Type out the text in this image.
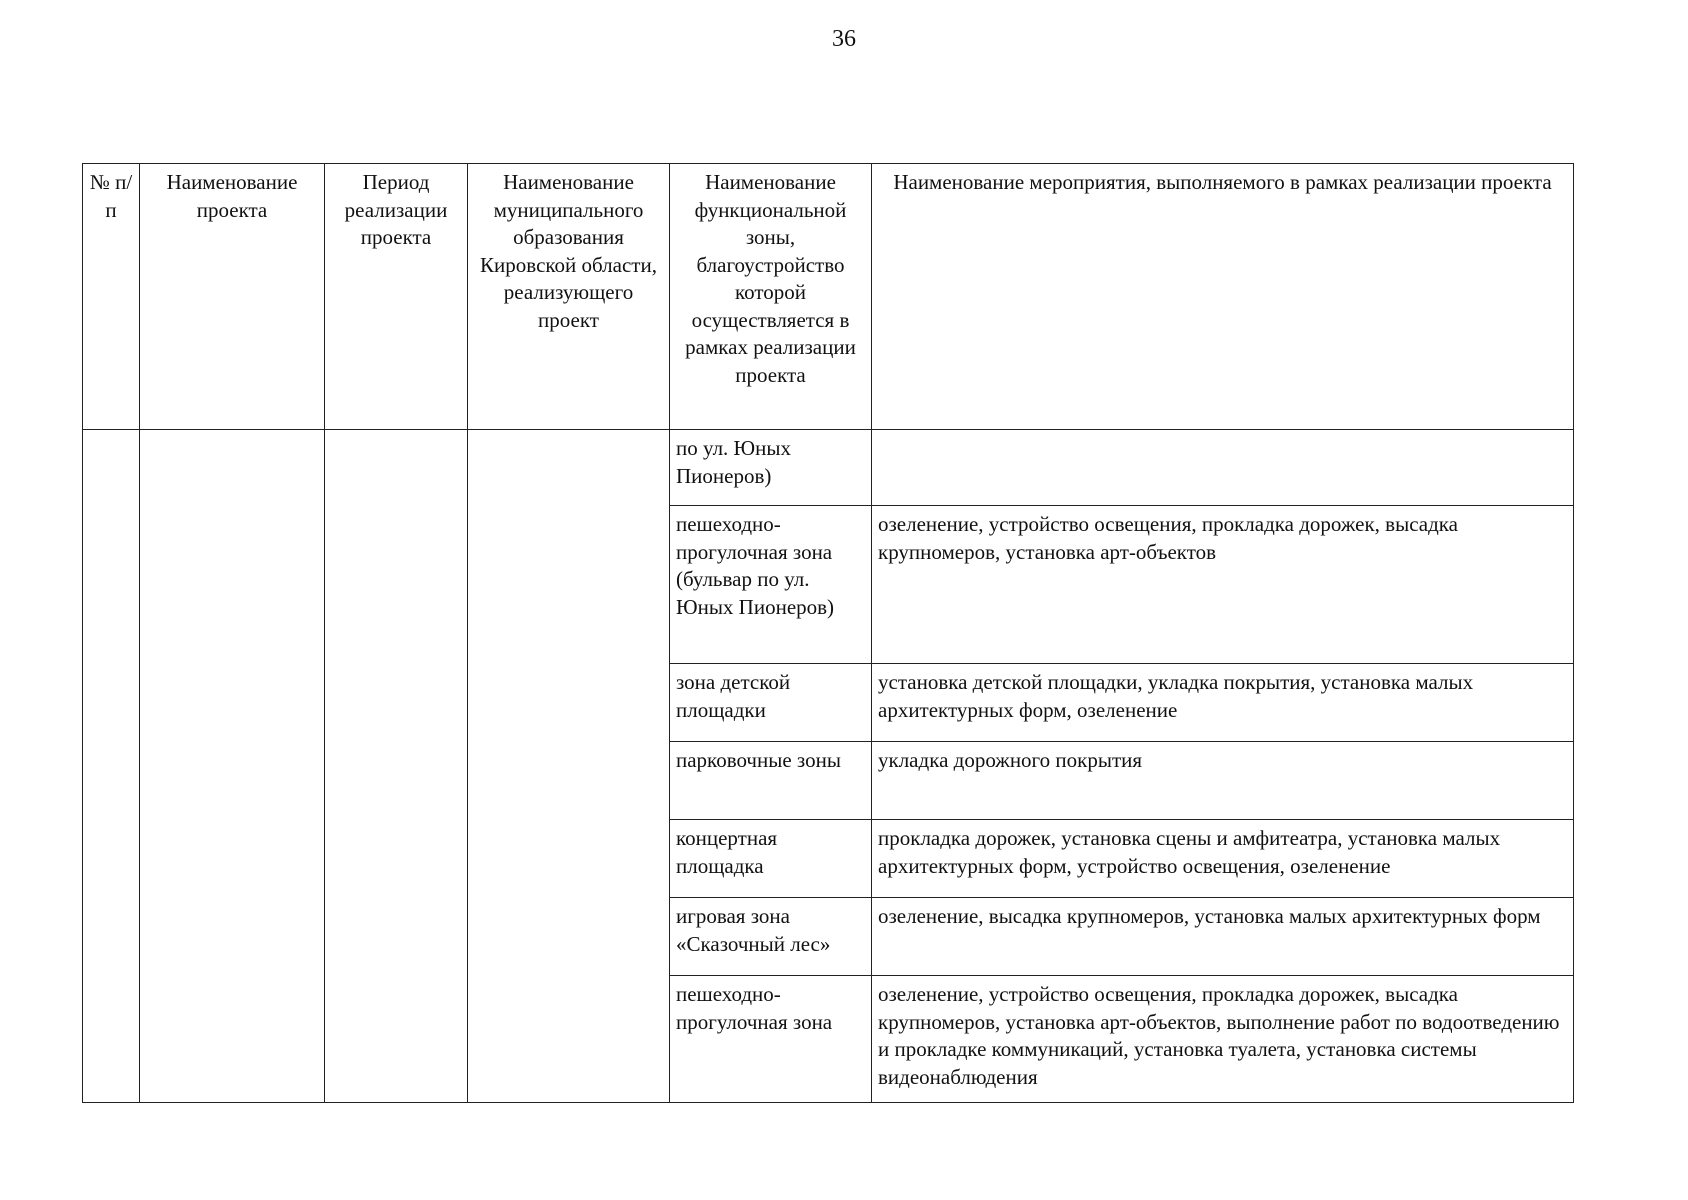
36
№ п/п	Наименование проекта	Период реализации проекта	Наименование муниципального образования Кировской области, реализующего проект	Наименование функциональной зоны, благоустройство которой осуществляется в рамках реализации проекта	Наименование мероприятия, выполняемого в рамках реализации проекта
				по ул. Юных Пионеров)	
				пешеходно-прогулочная зона (бульвар по ул. Юных Пионеров)	озеленение, устройство освещения, прокладка дорожек, высадка крупномеров, установка арт-объектов
				зона детской площадки	установка детской площадки, укладка покрытия, установка малых архитектурных форм, озеленение
				парковочные зоны	укладка дорожного покрытия
				концертная площадка	прокладка дорожек, установка сцены и амфитеатра, установка малых архитектурных форм, устройство освещения, озеленение
				игровая зона «Сказочный лес»	озеленение, высадка крупномеров, установка малых архитектурных форм
				пешеходно-прогулочная зона	озеленение, устройство освещения, прокладка дорожек, высадка крупномеров, установка арт-объектов, выполнение работ по водоотведению и прокладке коммуникаций, установка туалета, установка системы видеонаблюдения
